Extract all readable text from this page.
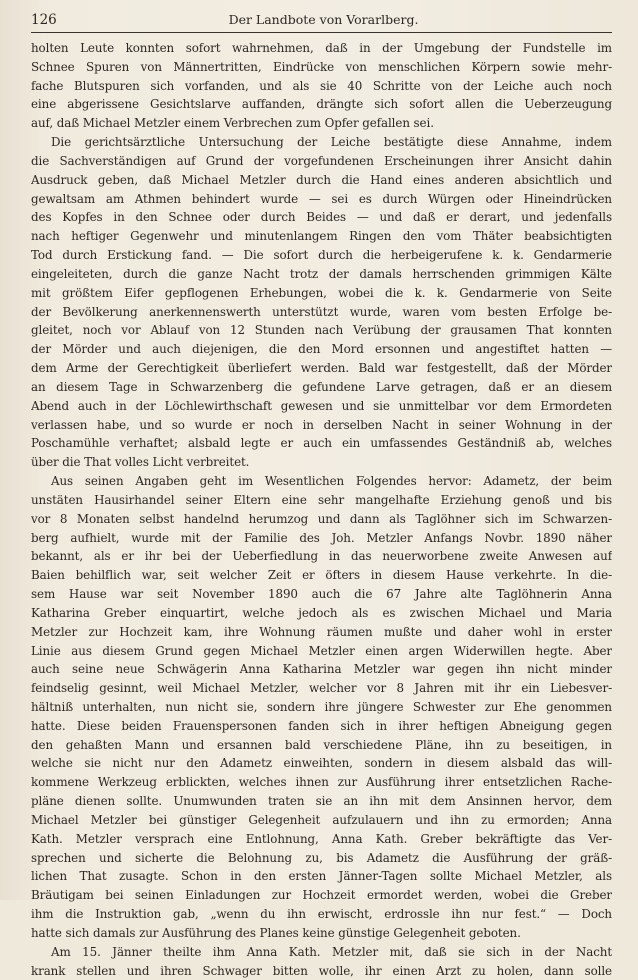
126	Der Landbote von Vorarlberg.
holten Leute konnten sofort wahrnehmen, daß in der Umgebung der Fundstelle im
Schnee Spuren von Männertritten, Eindrücke von menschlichen Körpern sowie mehr-
fache Blutspuren sich vorfanden, und als sie 40 Schritte von der Leiche auch noch
eine abgerissene Gesichtslarve auffanden, drängte sich sofort allen die Ueberzeugung
auf, daß Michael Metzler einem Verbrechen zum Opfer gefallen sei.
Die gerichtsärztliche Untersuchung der Leiche bestätigte diese Annahme, indem
die Sachverständigen auf Grund der vorgefundenen Erscheinungen ihrer Ansicht dahin
Ausdruck geben, daß Michael Metzler durch die Hand eines anderen absichtlich und
gewaltsam am Athmen behindert wurde — sei es durch Würgen oder Hineindrücken
des Kopfes in den Schnee oder durch Beides — und daß er derart, und jedenfalls
nach heftiger Gegenwehr und minutenlangem Ringen den vom Thäter beabsichtigten
Tod durch Erstickung fand. — Die sofort durch die herbeigerufene k. k. Gendarmerie
eingeleiteten, durch die ganze Nacht trotz der damals herrschenden grimmigen Kälte
mit größtem Eifer gepflogenen Erhebungen, wobei die k. k. Gendarmerie von Seite
der Bevölkerung anerkennenswerth unterstützt wurde, waren vom besten Erfolge be-
gleitet, noch vor Ablauf von 12 Stunden nach Verübung der grausamen That konnten
der Mörder und auch diejenigen, die den Mord ersonnen und angestiftet hatten —
dem Arme der Gerechtigkeit überliefert werden. Bald war festgestellt, daß der Mörder
an diesem Tage in Schwarzenberg die gefundene Larve getragen, daß er an diesem
Abend auch in der Löchlewirthschaft gewesen und sie unmittelbar vor dem Ermordeten
verlassen habe, und so wurde er noch in derselben Nacht in seiner Wohnung in der
Poschamühle verhaftet; alsbald legte er auch ein umfassendes Geständniß ab, welches
über die That volles Licht verbreitet.
Aus seinen Angaben geht im Wesentlichen Folgendes hervor: Adametz, der beim
unstäten Hausirhandel seiner Eltern eine sehr mangelhafte Erziehung genoß und bis
vor 8 Monaten selbst handelnd herumzog und dann als Taglöhner sich im Schwarzen-
berg aufhielt, wurde mit der Familie des Joh. Metzler Anfangs Novbr. 1890 näher
bekannt, als er ihr bei der Ueberfiedlung in das neuerworbene zweite Anwesen auf
Baien behilflich war, seit welcher Zeit er öfters in diesem Hause verkehrte. In die-
sem Hause war seit November 1890 auch die 67 Jahre alte Taglöhnerin Anna
Katharina Greber einquartirt, welche jedoch als es zwischen Michael und Maria
Metzler zur Hochzeit kam, ihre Wohnung räumen mußte und daher wohl in erster
Linie aus diesem Grund gegen Michael Metzler einen argen Widerwillen hegte. Aber
auch seine neue Schwägerin Anna Katharina Metzler war gegen ihn nicht minder
feindselig gesinnt, weil Michael Metzler, welcher vor 8 Jahren mit ihr ein Liebesver-
hältniß unterhalten, nun nicht sie, sondern ihre jüngere Schwester zur Ehe genommen
hatte. Diese beiden Frauenspersonen fanden sich in ihrer heftigen Abneigung gegen
den gehaßten Mann und ersannen bald verschiedene Pläne, ihn zu beseitigen, in
welche sie nicht nur den Adametz einweihten, sondern in diesem alsbald das will-
kommene Werkzeug erblickten, welches ihnen zur Ausführung ihrer entsetzlichen Rache-
pläne dienen sollte. Unumwunden traten sie an ihn mit dem Ansinnen hervor, dem
Michael Metzler bei günstiger Gelegenheit aufzulauern und ihn zu ermorden; Anna
Kath. Metzler versprach eine Entlohnung, Anna Kath. Greber bekräftigte das Ver-
sprechen und sicherte die Belohnung zu, bis Adametz die Ausführung der gräß-
lichen That zusagte. Schon in den ersten Jänner-Tagen sollte Michael Metzler, als
Bräutigam bei seinen Einladungen zur Hochzeit ermordet werden, wobei die Greber
ihm die Instruktion gab, „wenn du ihn erwischt, erdrossle ihn nur fest.“ — Doch
hatte sich damals zur Ausführung des Planes keine günstige Gelegenheit geboten.
Am 15. Jänner theilte ihm Anna Kath. Metzler mit, daß sie sich in der Nacht
krank stellen und ihren Schwager bitten wolle, ihr einen Arzt zu holen, dann solle
